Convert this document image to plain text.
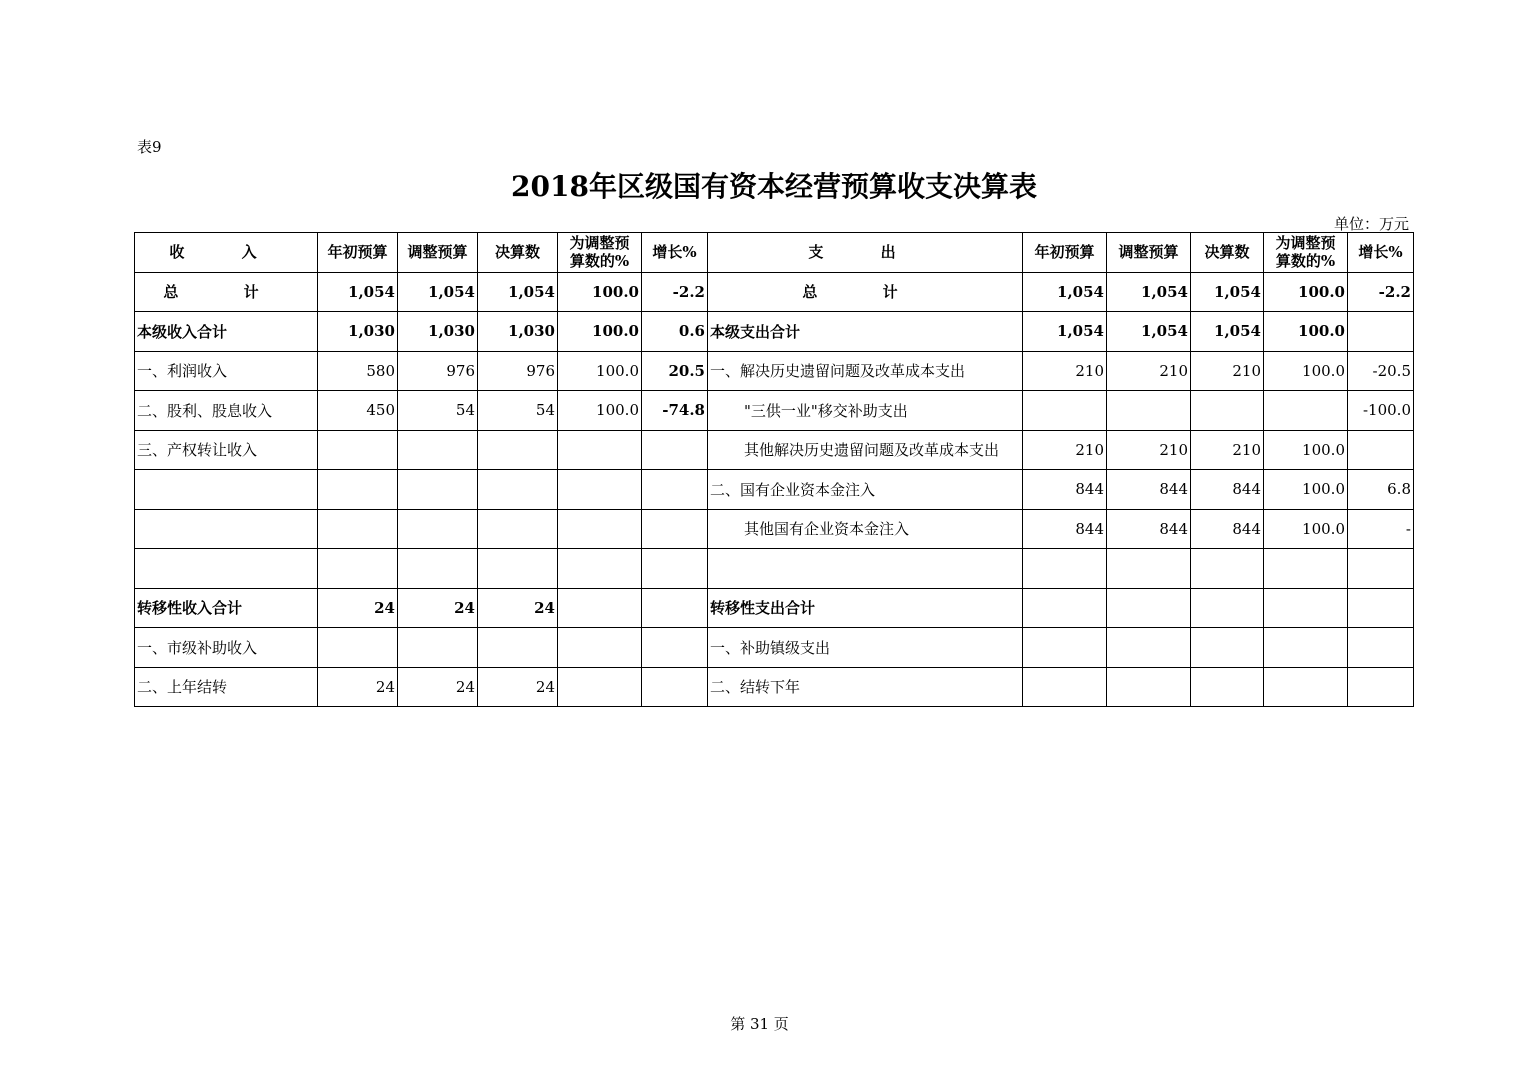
表9
2018年区级国有资本经营预算收支决算表
单位：万元
收 入	年初预算	调整预算	决算数	为调整预算数的%	增长%	支 出	年初预算	调整预算	决算数	为调整预算数的%	增长%
总 计	1,054	1,054	1,054	100.0	-2.2	总 计	1,054	1,054	1,054	100.0	-2.2
本级收入合计	1,030	1,030	1,030	100.0	0.6	本级支出合计	1,054	1,054	1,054	100.0	
一、利润收入	580	976	976	100.0	20.5	一、解决历史遗留问题及改革成本支出	210	210	210	100.0	-20.5
二、股利、股息收入	450	54	54	100.0	-74.8	"三供一业"移交补助支出					-100.0
三、产权转让收入						其他解决历史遗留问题及改革成本支出	210	210	210	100.0	
						二、国有企业资本金注入	844	844	844	100.0	6.8
						其他国有企业资本金注入	844	844	844	100.0	-

转移性收入合计	24	24	24			转移性支出合计					
一、市级补助收入						一、补助镇级支出					
二、上年结转	24	24	24			二、结转下年					
第 31 页
